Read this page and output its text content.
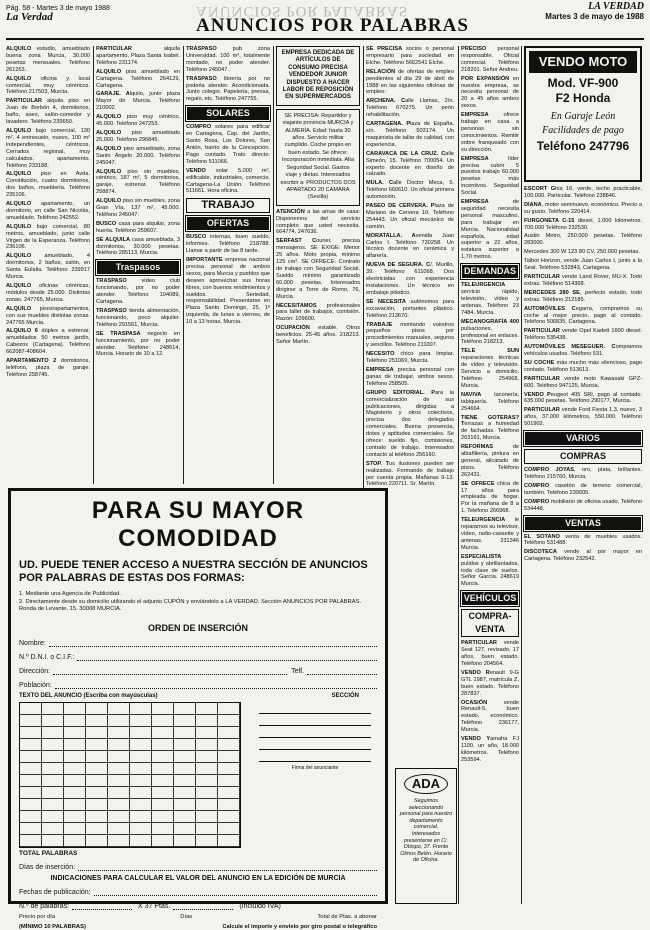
Pág. 58 - Martes 3 de mayo 1988
La Verdad	ANUNCIOS POR PALABRAS
ANUNCIOS POR PALABRAS
LA VERDAD
Martes 3 de mayo de 1988

ALQUILO estudio, amueblado buena zona Murcia, 30.000 pesetas mensuales. Teléfono 261263.

ALQUILO oficina y local comercial, muy céntricos. Teléfono 217503, Murcia.

PARTICULAR alquila piso en Juan de Borbón 4, dormitorios, baño, aseo, salón-comedor y lavadero. Teléfono 239650.

ALQUILO bajo comercial, 130 m², 4 entresuelo, nuevo, 100 m² independientes, céntricos. Cerrados regional, muy calculados, apartamento. Teléfono 233188.

ALQUILO piso en Avda. Constitución, cuatro dormitorios, dos baños, mueblería. Teléfono 235106.

ALQUILO apartamento, un dormitorio, en calle San Nicolás, amueblado. Teléfono 242552.

ALQUILO bajo comercial, 80 metros, amueblado, junto calle Virgen de la Esperanza. Teléfono 236106.

ALQUILO amueblado, 4 dormitorios, 2 baños, salón, en Santa Eulalia. Teléfono 239917 Murcia.

ALQUILO oficinas céntricas, módulos desde 25.000. Distintas zonas. 247765, Murcia.

ALQUILO pisos/apartamentos, con sus muebles distintas zonas. 247765 Murcia.

ALQUILO 6 dúplex a estrenar, amueblados 50 metros jardín, Cabezos (Cartagena). Teléfono 662087-408604.

APARTAMENTO 2 dormitorios, teléfono, plaza de garaje. Teléfono 258745.

PARTICULAR alquila apartamento, Plaza Santa Isabel. Teléfono 231174.

ALQUILO piso amueblado en Cartagena. Teléfono 264129, Cartagena.

GARAJE. Alquilo, junto plaza Mayor de Murcia. Teléfono 210002.

ALQUILO piso muy céntrico, 45.000. Teléfono 247253.

ALQUILO piso amueblado 25.000. Teléfono 296845.

ALQUILO piso amueblado, zona Santo Ángelo 20.000. Teléfono 245047.

ALQUILO piso sin muebles, céntrico, 187 m², 5 dormitorios, garaje, estrenar. Teléfono 258874.

ALQUILO piso sin muebles, zona Gran Vía, 137 m², 45.000. Teléfono 245047.

BUSCO casa para alquilar, zona huerta. Teléfono 259607.

SE ALQUILA casa amueblada, 3 dormitorios, 30.000 pesetas. Teléfono 285113, Murcia.

Traspasos

TRASPASO vídeo club funcionando, por no poder atender. Teléfono 104089, Cartagena.

TRASPASO tienda alimentación, funcionando, poco alquiler. Teléfono 291561, Murcia.

SE TRASPASA negocio en funcionamiento, por no poder atender. Teléfono 248614, Murcia. Horario de 10 a 12.

TRASPASO pub zona Universidad. 100 m², totalmente montado, no poder atender. Teléfono 245047.

TRASPASO librería por no poderla atender. Acondicionada. Junto colegio. Papelería, prensa, regalo, etc. Teléfono 247755.

SOLARES

COMPRO solares para edificar en Cartagena, Cap. del Jardín, Santo Rosa, Los Dolores, San Antón, barrio de la Concepción. Pago contado. Trato directo. Teléfono 511066.

VENDO solar 5.000 m², edificable, industriales, comercio. Cartagena-La Unión. Teléfono 511661. Hora oficina.

TRABAJO
OFERTAS

BUSCO internas, buen sueldo, informes. Teléfono 218788. Llamar a partir de las 8 tarde.

IMPORTANTE empresa nacional precisa personal de ambos sexos, para Murcia y pueblos que deseen aprovechar sus horas libres, con buenos rendimientos y sueldos. Seriedad, responsabilidad. Presentarse en Plaza Santo Domingo, 25, 1º izquierda, de lunes a viernes, de 10 a 13 horas, Murcia.

EMPRESA DEDICADA DE ARTÍCULOS DE CONSUMO PRECISA VENDEDOR JUNIOR DISPUESTO A HACER LABOR DE REPOSICIÓN EN SUPERMERCADOS
SE PRECISA: Repartidor y viajante provincia MURCIA y ALMERÍA. Edad: hasta 30 años. Servicio militar cumplido. Coche propio en buen estado. Se ofrece: Incorporación inmediata. Alta Seguridad Social. Gastos viaje y dietas. Interesados escribir a: PRODUCTOS DOS APARTADO 20 CAMARA (Sevilla)

ATENCIÓN a las amas de casa: Disponemos del servicio completo que usted necesita. 664774, 247636.

SERFAST Courier, precisa mensajeros. SE EXIGE: Menor 25 años. Moto propia, mínimo 125 cm³. SE OFRECE: Contrato de trabajo con Seguridad Social. Sueldo mínimo garantizado 60.000 pesetas. Interesados dirigirse a Torre de Romo, 76, Murcia.

NECESITAMOS profesionales para taller de trabajos, comisión. Razón: 109600.

OCUPACIÓN estable. Otros beneficios. 25-45 años. 218213. Señor Martín.

SE PRECISA socios o personal empresario para sociedad en Elche. Teléfono 5662541 Elche.

RELACIÓN de ofertas de empleo pendientes al día 29 de abril de 1988 en las siguientes oficinas de empleo:

ARCHENA. Calle Llamas, 2/n. Teléfono 670275. Un peón rehabilitación.

CARTAGENA. Plaza de España, s/n. Teléfono 503174. Un maquinista de tallar de calidad, con experiencia.

CARAVACA DE LA CRUZ. Calle Simeón, 15. Teléfono 700054. Un experto docente en diseño de calzado.

MULA. Calle Doctor Meca, 5. Teléfono 660610. Un oficial primera automoción.

PASEO DE CERVERA. Plaza de Mariano de Cervera 10. Teléfono 254443. Un oficial mecánico de camión.

MORATALLA. Avenida Juan Carlos I. Teléfono 730258. Un técnico docente en cerámica y alfarería.

NUEVA DE SEGURA. C/. Murillo, 39. Teléfono 611068. Dos electricistas con experiencia instalaciones. Un técnico en embalaje plástico.

SE NECESITA autónomos para excavación, portantes plástico. Teléfono 213670.

TRABAJE montando vuestros pequeños pisos por procedimientos manuales, seguros y sencillos. Teléfono 211007.

NECESITO chico para limpiar. Teléfono 251069, Murcia.

EMPRESA precisa personal con ganas de trabajar, ambos sexos. Teléfono 258505.

GRUPO EDITORIAL. Para la comercialización de sus publicaciones, dirigidas a Magisterio y otros colectivos, precisa dos delegados comerciales. Buena presencia, dotes y aptitudes comerciales. Se ofrece: sueldo fijo, comisiones, contrato de trabajo. Interesados contacto al teléfono 256160.

STOP. Tus ilusiones pueden ser realizadas. Formando de trabajo por cuenta propia. Mañanas 9-13. Teléfono 220711. Sr. Martín.

ADA
Seguimos seleccionando personal para nuestro departamento comercial. Interesados presentarse en C/. Obispo, 37. Frente Olmos Belén. Horario de Oficina.

PRECISO personal responsable. Oficial comercial. Teléfono 218201. Señor Andreu.

POR EXPANSIÓN en nuestra empresa, se necesita personal de 20 a 45 años ambos sexos.

EMPRESA ofrece trabajo en casa a personas sin conocimientos. Remitir sobre franqueado con su dirección.

EMPRESA líder precisa cubrir 5 puestos trabajo 60.000 pesetas más incentivos. Seguridad Social.

EMPRESA de seguridad necesita personal masculino, para trabajar en Murcia. Nacionalidad española, edad superior a 22 años, estatura superior a 1,70 metros.

DEMANDAS

TELEURGENCIA servicio rápido, televisión, vídeo y antenas. Teléfono 23 7484, Murcia.

MECANOGRAFÍA 400 pulsaciones, profesional en enlaces. Teléfono 218213.

TELE SUN reparaciones técnicas de vídeo y televisión. Servicio a domicilio. Teléfono 254968, Murcia.

NAVIVA taconería, tabiquería. Teléfono 254664.

TIENE GOTERAS? Terrazas a humedad de fachadas. Teléfono 263161, Murcia.

REFORMAS de albañilería, pintura en general, alicatado de pisos. Teléfono 262431.

SE OFRECE chica de 17 años para empleada de hogar. Por la mañana de 8 a 1. Teléfono 266968.

TELEURGENCIA le reparamos su televisor, vídeo, radio-cassette y antenas. 231346 Murcia.

ESPECIALISTA pulidos y abrillantados, toda clase de suelos. Señor García. 248619 Murcia.

VEHÍCULOS
COMPRA-VENTA

PARTICULAR vende Seat 127, revisado, 17 años, buen estado. Teléfono 204564.

VENDO Renault 9-G GTL 1987, matrícula Z, buen estado. Teléfono 287837.

OCASIÓN vende Renault-5, buen estado, económico. Teléfono 236177, Murcia.

VENDO Yamaha FJ 1100, un año, 18.000 kilómetros. Teléfono 253594.

VENDO MOTO
Mod. VF-900
F2 Honda
En Garaje León
Facilidades de pago
Teléfono 247796

ESCORT Ghia 16, verde, techo practicable, 100.000. Particular. Teléfono 238846.

DIANA, motor seminuevo, económico. Precio a su gusto. Teléfono 220414.

FURGONETA C-15 diesel, 1.000 kilómetros. 700.000 Teléfono 232530.

Austin Metro, 250.000 pesetas. Teléfono 283000.

Mercedes 300 W 123 80 CV, 250.000 pesetas.

Talbot Horizon, vende Juan Carlos I, junto a la Seat. Teléfono 532843, Cartagena.

PARTICULAR vende Land Rover, MU-X. Todo extras. Teléfono 514368.

MERCEDES 280 SE, perfecto estado, todo extras. Teléfono 212185.

AUTOMÓVILES Cegarra, compramos su coche al mejor precio, pago al contado. Teléfono 506835, Cartagena.

PARTICULAR vende Opel Kadett 1600 diesel. Teléfono 535438.

AUTOMÓVILES MESEGUER. Compramos vehículos usados. Teléfono 531.

SU COCHE más mucho más silencioso, pago contado. Teléfono 513613.

PARTICULAR vende moto Kawasaki GPZ-600. Teléfono 947125, Murcia.

VENDO Peugeot 405 SRI, pago al contado. 635.000 pesetas. Teléfono 290177, Murcia.

PARTICULAR vende Ford Fiesta 1.3, nuevo, 3 años, 37.000 kilómetros, 550.000. Teléfono 501902.

VARIOS
COMPRAS

COMPRO JOYAS, oro, plata, brillantes. Teléfono 215760, Murcia.

COMPRO casetón de terreno comercial, también. Teléfono 239005.

COMPRO mobiliario de oficina usado. Teléfono 534448.

VENTAS

EL SOTANO venta de muebles usados. Teléfono 531488.

DISCOTECA vende al por mayor en Cartagena. Teléfono 232542.

PARA SU MAYOR COMODIDAD
UD. PUEDE TENER ACCESO A NUESTRA SECCIÓN DE ANUNCIOS POR PALABRAS DE ESTAS DOS FORMAS:
1. Mediante una Agencia de Publicidad.
2. Directamente desde su domicilio utilizando el adjunto CUPÓN y enviándolo a LA VERDAD. Sección ANUNCIOS POR PALABRAS. Ronda de Levante, 15. 30008 MURCIA.
ORDEN DE INSERCIÓN
Nombre:
N.º D.N.I. o C.I.F.:
Dirección:	Telf.
Población:
TEXTO DEL ANUNCIO (Escriba con mayúsculas)	SECCIÓN
Firma del anunciante
TOTAL PALABRAS
Días de inserción:
INDICACIONES PARA CALCULAR EL VALOR DEL ANUNCIO EN LA EDICIÓN DE MURCIA
Fechas de publicación:
N.º de palabras:	X 37 Ptas.	(Incluido IVA)
Precio por día	Días	Total de Ptas. a abonar
(MÍNIMO 10 PALABRAS)	Calcule el importe y envíelo por giro postal o telegráfico
